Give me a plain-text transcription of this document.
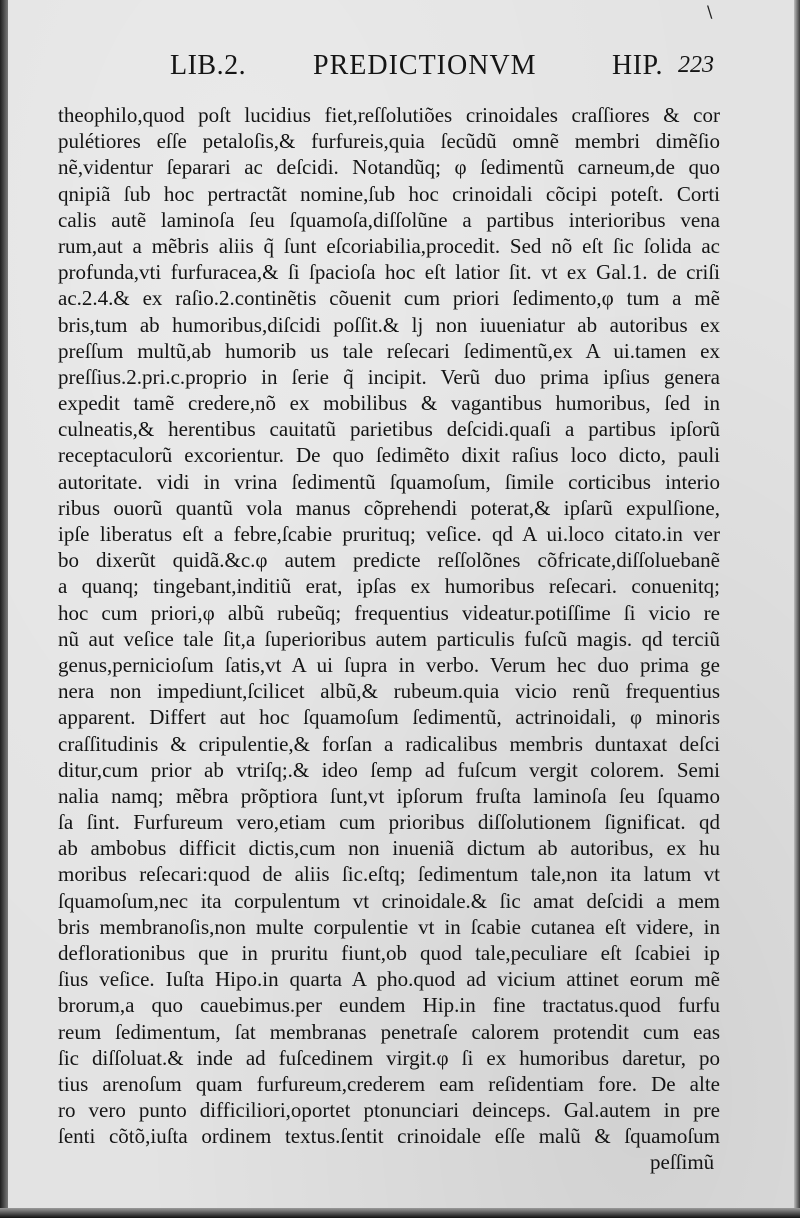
\
LIB.2. PREDICTIONVM	HIP. 223
theophilo,quod poſt lucidius fiet,reſſolutiões crinoidales craſſiores & cor
pulétiores eſſe petaloſis,& furfureis,quia ſecũdũ omnẽ membri dimẽſio
nẽ,videntur ſeparari ac deſcidi. Notandũq; φ ſedimentũ carneum,de quo
qnipiã ſub hoc pertractãt nomine,ſub hoc crinoidali cõcipi poteſt. Corti
calis autẽ laminoſa ſeu ſquamoſa,diſſolũne a partibus interioribus vena
rum,aut a mẽbris aliis q̃ ſunt eſcoriabilia,procedit. Sed nõ eſt ſic ſolida ac
profunda,vti furfuracea,& ſi ſpacioſa hoc eſt latior ſit. vt ex Gal.1. de criſi
ac.2.4.& ex raſio.2.continẽtis cõuenit cum priori ſedimento,φ tum a mẽ
bris,tum ab humoribus,diſcidi poſſit.& lj non iuueniatur ab autoribus ex
preſſum multũ,ab humorib us tale reſecari ſedimentũ,ex A ui.tamen ex
preſſius.2.pri.c.proprio in ſerie q̃ incipit. Verũ duo prima ipſius genera
expedit tamẽ credere,nõ ex mobilibus & vagantibus humoribus, ſed in
culneatis,& herentibus cauitatũ parietibus deſcidi.quaſi a partibus ipſorũ
receptaculorũ excorientur. De quo ſedimẽto dixit raſius loco dicto, pauli
autoritate. vidi in vrina ſedimentũ ſquamoſum, ſimile corticibus interio
ribus ouorũ quantũ vola manus cõprehendi poterat,& ipſarũ expulſione,
ipſe liberatus eſt a febre,ſcabie prurituq; veſice. qd A ui.loco citato.in ver
bo dixerũt quidã.&c.φ autem predicte reſſolõnes cõfricate,diſſoluebanẽ
a quanq; tingebant,inditiũ erat, ipſas ex humoribus reſecari. conuenitq;
hoc cum priori,φ albũ rubeũq; frequentius videatur.potiſſime ſi vicio re
nũ aut veſice tale ſit,a ſuperioribus autem particulis fuſcũ magis. qd terciũ
genus,pernicioſum ſatis,vt A ui ſupra in verbo. Verum hec duo prima ge
nera non impediunt,ſcilicet albũ,& rubeum.quia vicio renũ frequentius
apparent. Differt aut hoc ſquamoſum ſedimentũ, actrinoidali, φ minoris
craſſitudinis & cripulentie,& forſan a radicalibus membris duntaxat deſci
ditur,cum prior ab vtriſq;.& ideo ſemp ad fuſcum vergit colorem. Semi
nalia namq; mẽbra prõptiora ſunt,vt ipſorum fruſta laminoſa ſeu ſquamo
ſa ſint. Furfureum vero,etiam cum prioribus diſſolutionem ſignificat. qd
ab ambobus difficit dictis,cum non inueniã dictum ab autoribus, ex hu
moribus reſecari:quod de aliis ſic.eſtq; ſedimentum tale,non ita latum vt
ſquamoſum,nec ita corpulentum vt crinoidale.& ſic amat deſcidi a mem
bris membranoſis,non multe corpulentie vt in ſcabie cutanea eſt videre, in
deflorationibus que in pruritu fiunt,ob quod tale,peculiare eſt ſcabiei ip
ſius veſice. Iuſta Hipo.in quarta A pho.quod ad vicium attinet eorum mẽ
brorum,a quo cauebimus.per eundem Hip.in fine tractatus.quod furfu
reum ſedimentum, ſat membranas penetraſe calorem protendit cum eas
ſic diſſoluat.& inde ad fuſcedinem virgit.φ ſi ex humoribus daretur, po
tius arenoſum quam furfureum,crederem eam reſidentiam fore. De alte
ro vero punto difficiliori,oportet ptonunciari deinceps. Gal.autem in pre
ſenti cõtõ,iuſta ordinem textus.ſentit crinoidale eſſe malũ & ſquamoſum
peſſimũ
